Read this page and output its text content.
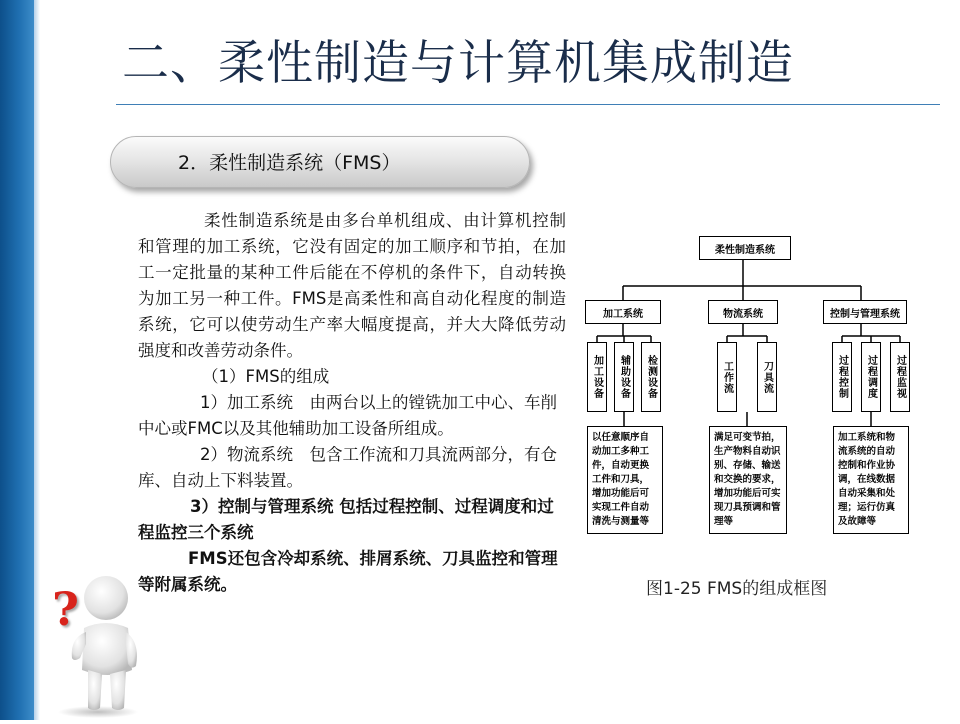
二、柔性制造与计算机集成制造
2．柔性制造系统（FMS）

柔性制造系统是由多台单机组成、由计算机控制和管理的加工系统，它没有固定的加工顺序和节拍，在加工一定批量的某种工件后能在不停机的条件下，自动转换为加工另一种工件。FMS是高柔性和高自动化程度的制造系统，它可以使劳动生产率大幅度提高，并大大降低劳动强度和改善劳动条件。

（1）FMS的组成

1）加工系统　由两台以上的镗铣加工中心、车削中心或FMC以及其他辅助加工设备所组成。

2）物流系统　包含工作流和刀具流两部分，有仓库、自动上下料装置。

3）控制与管理系统 包括过程控制、过程调度和过程监控三个系统

FMS还包含冷却系统、排屑系统、刀具监控和管理等附属系统。

柔性制造系统
加工系统	物流系统	控制与管理系统
加工设备	辅助设备	检测设备	工作流	刀具流	过程控制	过程调度	过程监视
以任意顺序自动加工多种工件，自动更换工件和刀具，增加功能后可实现工件自动清洗与测量等
满足可变节拍，生产物料自动识别、存储、输送和交换的要求，增加功能后可实现刀具预调和管理等
加工系统和物流系统的自动控制和作业协调，在线数据自动采集和处理；运行仿真及故障等
图1-25 FMS的组成框图
?
